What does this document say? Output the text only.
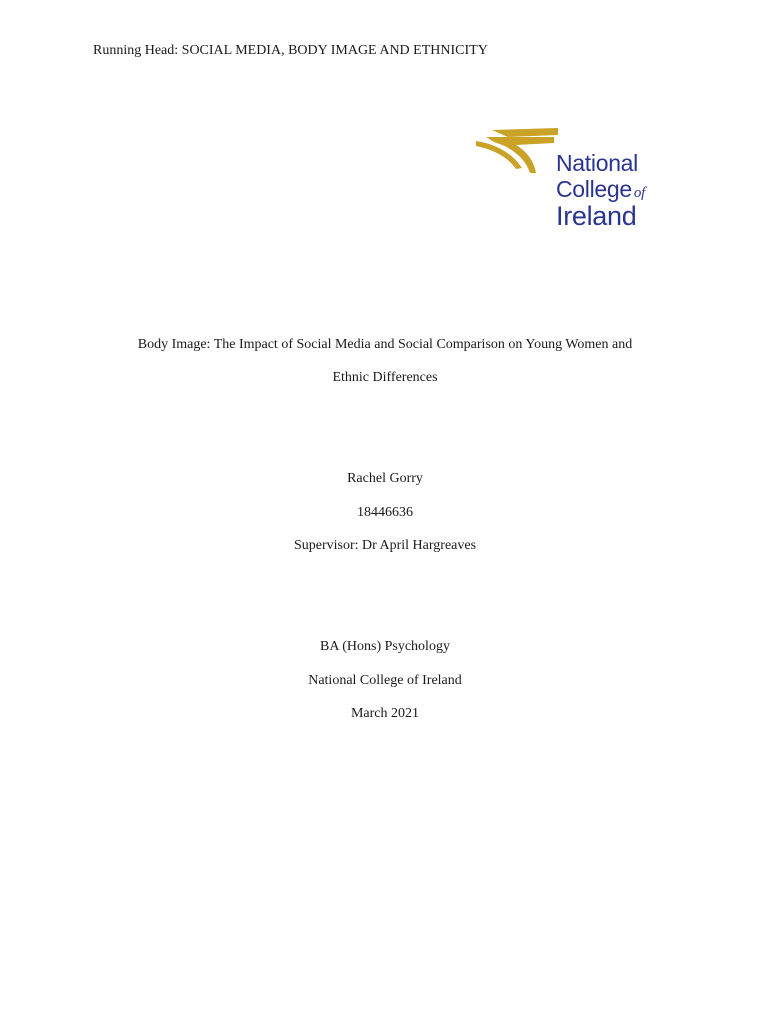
Running Head: SOCIAL MEDIA, BODY IMAGE AND ETHNICITY
National
College of
Ireland
Body Image: The Impact of Social Media and Social Comparison on Young Women and
Ethnic Differences
Rachel Gorry
18446636
Supervisor: Dr April Hargreaves
BA (Hons) Psychology
National College of Ireland
March 2021
